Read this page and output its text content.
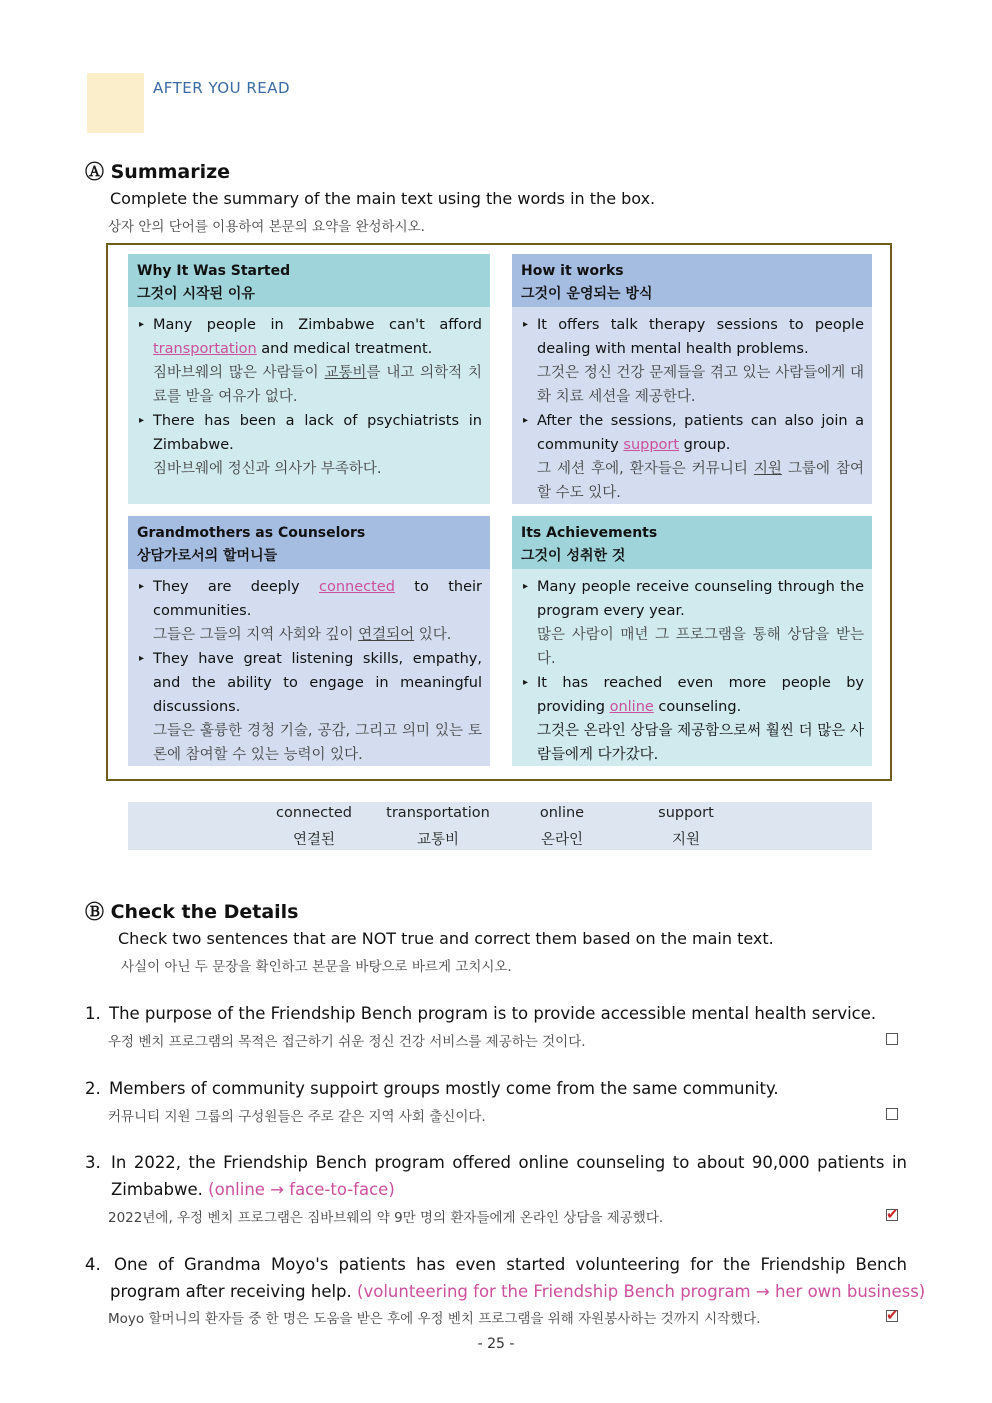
AFTER YOU READ
Ⓐ Summarize
Complete the summary of the main text using the words in the box.
상자 안의 단어를 이용하여 본문의 요약을 완성하시오.
Why It Was Started
그것이 시작된 이유
▸ Many people in Zimbabwe can't afford transportation and medical treatment.
짐바브웨의 많은 사람들이 교통비를 내고 의학적 치료를 받을 여유가 없다.
▸ There has been a lack of psychiatrists in Zimbabwe.
짐바브웨에 정신과 의사가 부족하다.
How it works
그것이 운영되는 방식
▸ It offers talk therapy sessions to people dealing with mental health problems.
그것은 정신 건강 문제들을 겪고 있는 사람들에게 대화 치료 세션을 제공한다.
▸ After the sessions, patients can also join a community support group.
그 세션 후에, 환자들은 커뮤니티 지원 그룹에 참여할 수도 있다.
Grandmothers as Counselors
상담가로서의 할머니들
▸ They are deeply connected to their communities.
그들은 그들의 지역 사회와 깊이 연결되어 있다.
▸ They have great listening skills, empathy, and the ability to engage in meaningful discussions.
그들은 훌륭한 경청 기술, 공감, 그리고 의미 있는 토론에 참여할 수 있는 능력이 있다.
Its Achievements
그것이 성취한 것
▸ Many people receive counseling through the program every year.
많은 사람이 매년 그 프로그램을 통해 상담을 받는다.
▸ It has reached even more people by providing online counseling.
그것은 온라인 상담을 제공함으로써 훨씬 더 많은 사람들에게 다가갔다.
connected	transportation	online	support
연결된	교통비	온라인	지원
Ⓑ Check the Details
Check two sentences that are NOT true and correct them based on the main text.
사실이 아닌 두 문장을 확인하고 본문을 바탕으로 바르게 고치시오.
1. The purpose of the Friendship Bench program is to provide accessible mental health service.
우정 벤치 프로그램의 목적은 접근하기 쉬운 정신 건강 서비스를 제공하는 것이다.
2. Members of community suppoirt groups mostly come from the same community.
커뮤니티 지원 그룹의 구성원들은 주로 같은 지역 사회 출신이다.
3. In 2022, the Friendship Bench program offered online counseling to about 90,000 patients in
Zimbabwe. (online → face-to-face)
2022년에, 우정 벤치 프로그램은 짐바브웨의 약 9만 명의 환자들에게 온라인 상담을 제공했다.	✔
4. One of Grandma Moyo's patients has even started volunteering for the Friendship Bench
program after receiving help. (volunteering for the Friendship Bench program → her own business)
Moyo 할머니의 환자들 중 한 명은 도움을 받은 후에 우정 벤치 프로그램을 위해 자원봉사하는 것까지 시작했다.	✔
- 25 -
